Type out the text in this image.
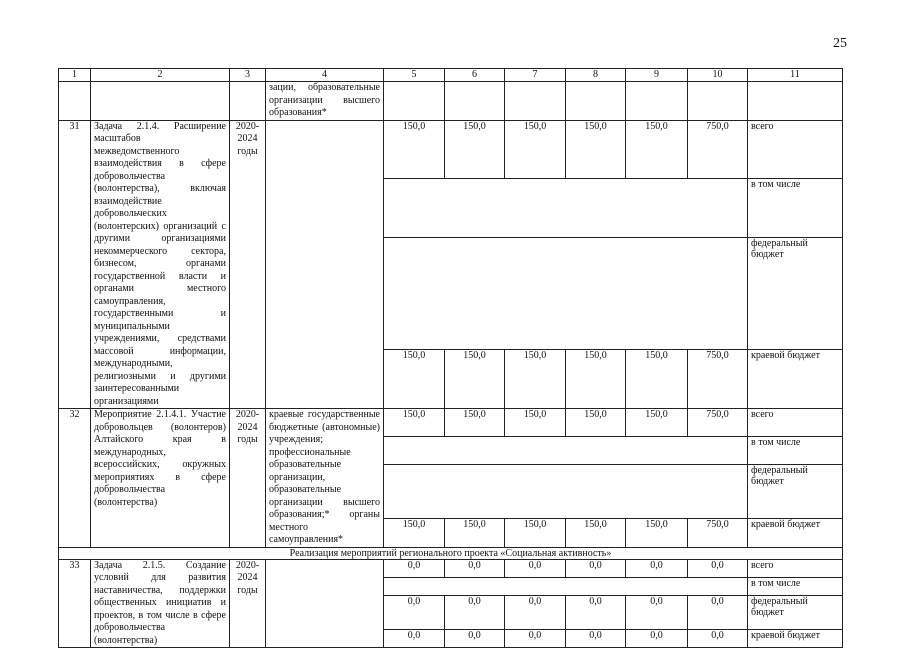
25
1	2	3	4	5	6	7	8	9	10	11
			зации, образовательные организации высшего образования*							
31	Задача 2.1.4. Расширение масштабов межведомственного взаимодействия в сфере добровольчества (волонтерства), включая взаимодействие добровольческих (волонтерских) организаций с другими организациями некоммерческого сектора, бизнесом, органами государственной власти и органами местного самоуправления, государственными и муниципальными учреждениями, средствами массовой информации, международными, религиозными и другими заинтересованными организациями	2020-2024 годы		150,0	150,0	150,0	150,0	150,0	750,0	всего
										в том числе
										федеральный бюджет
				150,0	150,0	150,0	150,0	150,0	750,0	краевой бюджет
32	Мероприятие 2.1.4.1. Участие добровольцев (волонтеров) Алтайского края в международных, всероссийских, окружных мероприятиях в сфере добровольчества (волонтерства)	2020-2024 годы	краевые государственные бюджетные (автономные) учреждения; профессиональные образовательные организации, образовательные организации высшего образования;* органы местного самоуправления*	150,0	150,0	150,0	150,0	150,0	750,0	всего
										в том числе
										федеральный бюджет
				150,0	150,0	150,0	150,0	150,0	750,0	краевой бюджет
Реализация мероприятий регионального проекта «Социальная активность»										
33	Задача 2.1.5. Создание условий для развития наставничества, поддержки общественных инициатив и проектов, в том числе в сфере добровольчества (волонтерства)	2020-2024 годы		0,0	0,0	0,0	0,0	0,0	0,0	всего
										в том числе
				0,0	0,0	0,0	0,0	0,0	0,0	федеральный бюджет
				0,0	0,0	0,0	0,0	0,0	0,0	краевой бюджет
